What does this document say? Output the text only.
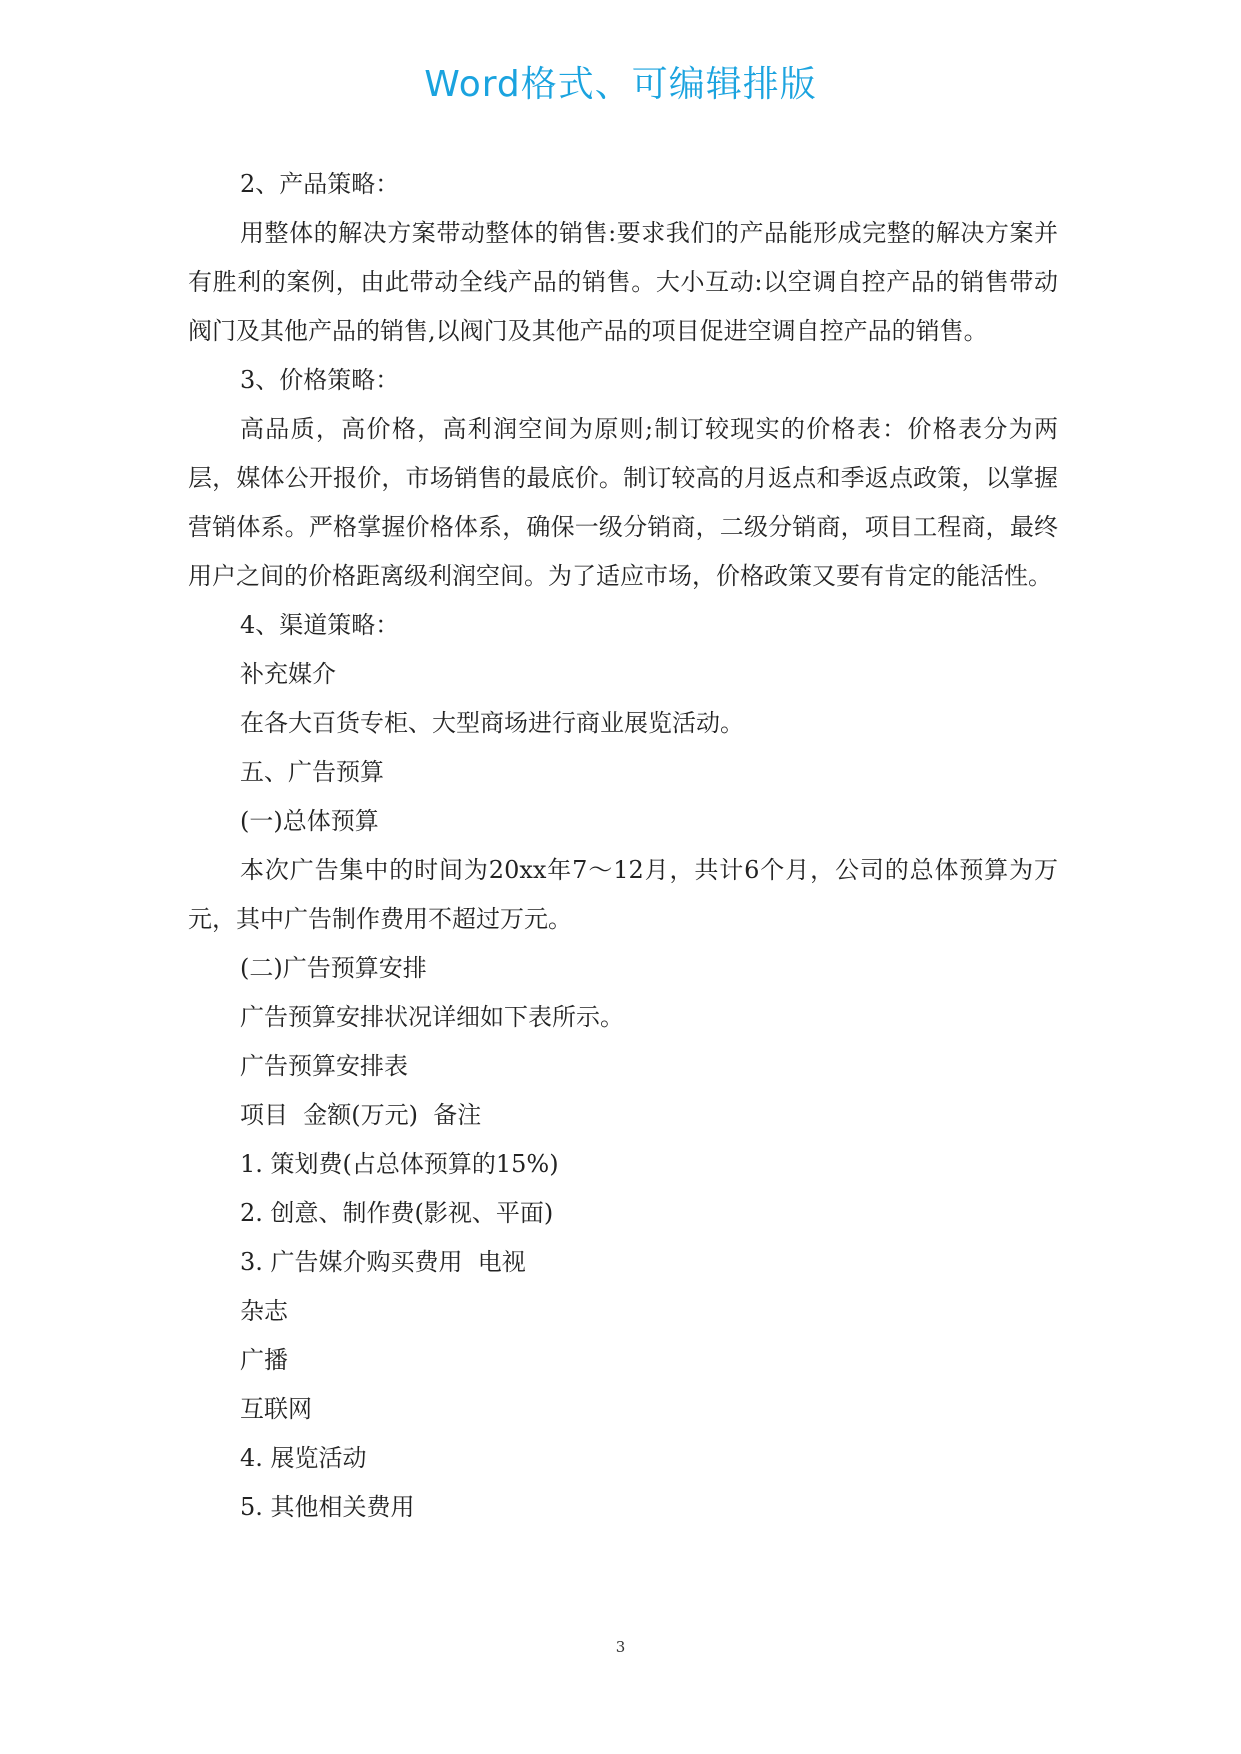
Word格式、可编辑排版

2、产品策略：

用整体的解决方案带动整体的销售:要求我们的产品能形成完整的解决方案并有胜利的案例，由此带动全线产品的销售。大小互动:以空调自控产品的销售带动阀门及其他产品的销售,以阀门及其他产品的项目促进空调自控产品的销售。

3、价格策略：

高品质，高价格，高利润空间为原则;制订较现实的价格表：价格表分为两层，媒体公开报价，市场销售的最底价。制订较高的月返点和季返点政策，以掌握营销体系。严格掌握价格体系，确保一级分销商，二级分销商，项目工程商，最终用户之间的价格距离级利润空间。为了适应市场，价格政策又要有肯定的能活性。

4、渠道策略：

补充媒介

在各大百货专柜、大型商场进行商业展览活动。

五、广告预算

(一)总体预算

本次广告集中的时间为20xx年7～12月，共计6个月，公司的总体预算为万元，其中广告制作费用不超过万元。

(二)广告预算安排

广告预算安排状况详细如下表所示。

广告预算安排表

项目  金额(万元)  备注

1. 策划费(占总体预算的15%)

2. 创意、制作费(影视、平面)

3. 广告媒介购买费用  电视

杂志

广播

互联网

4. 展览活动

5. 其他相关费用

3
